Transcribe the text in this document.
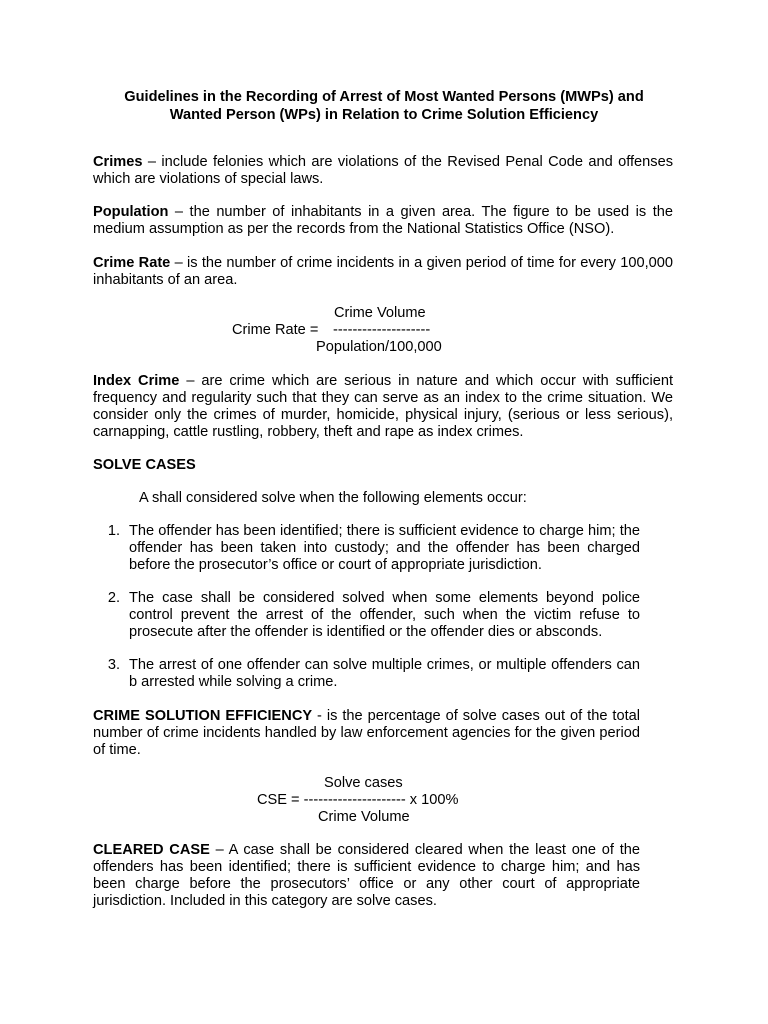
Guidelines in the Recording of Arrest of Most Wanted Persons (MWPs) and
Wanted Person (WPs) in Relation to Crime Solution Efficiency

Crimes – include felonies which are violations of the Revised Penal Code and offenses which are violations of special laws.

Population – the number of inhabitants in a given area. The figure to be used is the medium assumption as per the records from the National Statistics Office (NSO).

Crime Rate – is the number of crime incidents in a given period of time for every 100,000 inhabitants of an area.

Crime Volume

Crime Rate = --------------------

Population/100,000

Index Crime – are crime which are serious in nature and which occur with sufficient frequency and regularity such that they can serve as an index to the crime situation. We consider only the crimes of murder, homicide, physical injury, (serious or less serious), carnapping, cattle rustling, robbery, theft and rape as index crimes.

SOLVE CASES

A shall considered solve when the following elements occur:

1. The offender has been identified; there is sufficient evidence to charge him; the offender has been taken into custody; and the offender has been charged before the prosecutor’s office or court of appropriate jurisdiction.
2. The case shall be considered solved when some elements beyond police control prevent the arrest of the offender, such when the victim refuse to prosecute after the offender is identified or the offender dies or absconds.
3. The arrest of one offender can solve multiple crimes, or multiple offenders can b arrested while solving a crime.

CRIME SOLUTION EFFICIENCY - is the percentage of solve cases out of the total number of crime incidents handled by law enforcement agencies for the given period of time.

Solve cases

CSE = --------------------- x 100%

Crime Volume

CLEARED CASE – A case shall be considered cleared when the least one of the offenders has been identified; there is sufficient evidence to charge him; and has been charge before the prosecutors’ office or any other court of appropriate jurisdiction. Included in this category are solve cases.
